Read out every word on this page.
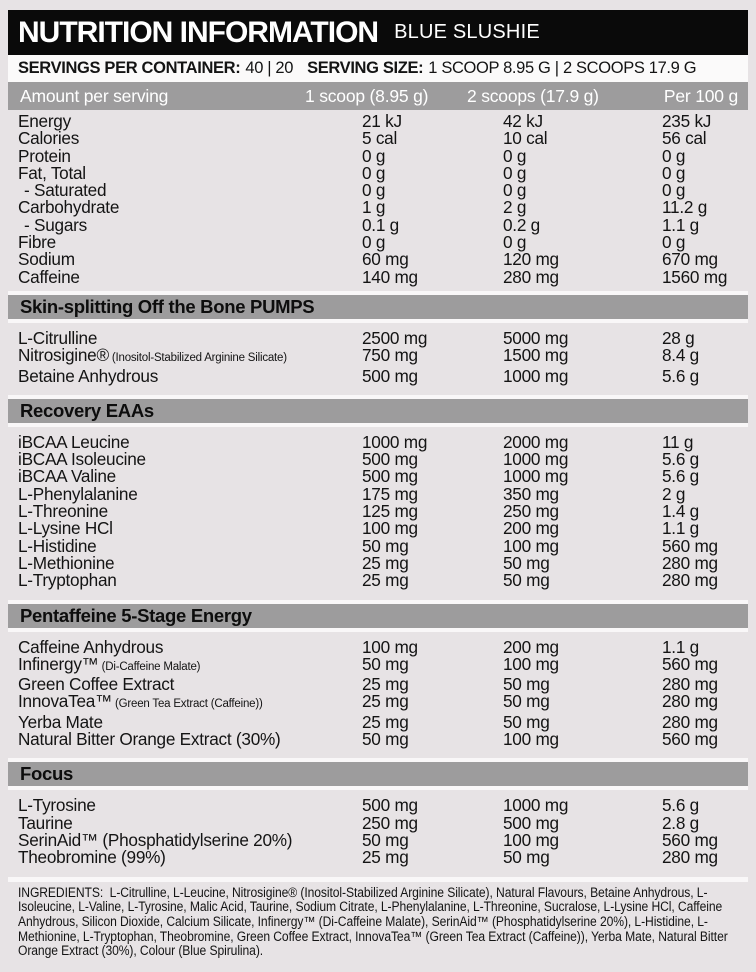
NUTRITION INFORMATION BLUE SLUSHIE
SERVINGS PER CONTAINER: 40 | 20 SERVING SIZE: 1 SCOOP 8.95 G | 2 SCOOPS 17.9 G
Amount per serving	1 scoop (8.95 g)	2 scoops (17.9 g)	Per 100 g
Energy	21 kJ	42 kJ	235 kJ
Calories	5 cal	10 cal	56 cal
Protein	0 g	0 g	0 g
Fat, Total	0 g	0 g	0 g
- Saturated	0 g	0 g	0 g
Carbohydrate	1 g	2 g	11.2 g
- Sugars	0.1 g	0.2 g	1.1 g
Fibre	0 g	0 g	0 g
Sodium	60 mg	120 mg	670 mg
Caffeine	140 mg	280 mg	1560 mg
Skin-splitting Off the Bone PUMPS
L-Citrulline	2500 mg	5000 mg	28 g
Nitrosigine® (Inositol-Stabilized Arginine Silicate)	750 mg	1500 mg	8.4 g
Betaine Anhydrous	500 mg	1000 mg	5.6 g
Recovery EAAs
iBCAA Leucine	1000 mg	2000 mg	11 g
iBCAA Isoleucine	500 mg	1000 mg	5.6 g
iBCAA Valine	500 mg	1000 mg	5.6 g
L-Phenylalanine	175 mg	350 mg	2 g
L-Threonine	125 mg	250 mg	1.4 g
L-Lysine HCl	100 mg	200 mg	1.1 g
L-Histidine	50 mg	100 mg	560 mg
L-Methionine	25 mg	50 mg	280 mg
L-Tryptophan	25 mg	50 mg	280 mg
Pentaffeine 5-Stage Energy
Caffeine Anhydrous	100 mg	200 mg	1.1 g
Infinergy™ (Di-Caffeine Malate)	50 mg	100 mg	560 mg
Green Coffee Extract	25 mg	50 mg	280 mg
InnovaTea™ (Green Tea Extract (Caffeine))	25 mg	50 mg	280 mg
Yerba Mate	25 mg	50 mg	280 mg
Natural Bitter Orange Extract (30%)	50 mg	100 mg	560 mg
Focus
L-Tyrosine	500 mg	1000 mg	5.6 g
Taurine	250 mg	500 mg	2.8 g
SerinAid™ (Phosphatidylserine 20%)	50 mg	100 mg	560 mg
Theobromine (99%)	25 mg	50 mg	280 mg

INGREDIENTS: L-Citrulline, L-Leucine, Nitrosigine® (Inositol-Stabilized Arginine Silicate), Natural Flavours, Betaine Anhydrous, L-Isoleucine, L-Valine, L-Tyrosine, Malic Acid, Taurine, Sodium Citrate, L-Phenylalanine, L-Threonine, Sucralose, L-Lysine HCl, Caffeine Anhydrous, Silicon Dioxide, Calcium Silicate, Infinergy™ (Di-Caffeine Malate), SerinAid™ (Phosphatidylserine 20%), L-Histidine, L-Methionine, L-Tryptophan, Theobromine, Green Coffee Extract, InnovaTea™ (Green Tea Extract (Caffeine)), Yerba Mate, Natural Bitter Orange Extract (30%), Colour (Blue Spirulina).
